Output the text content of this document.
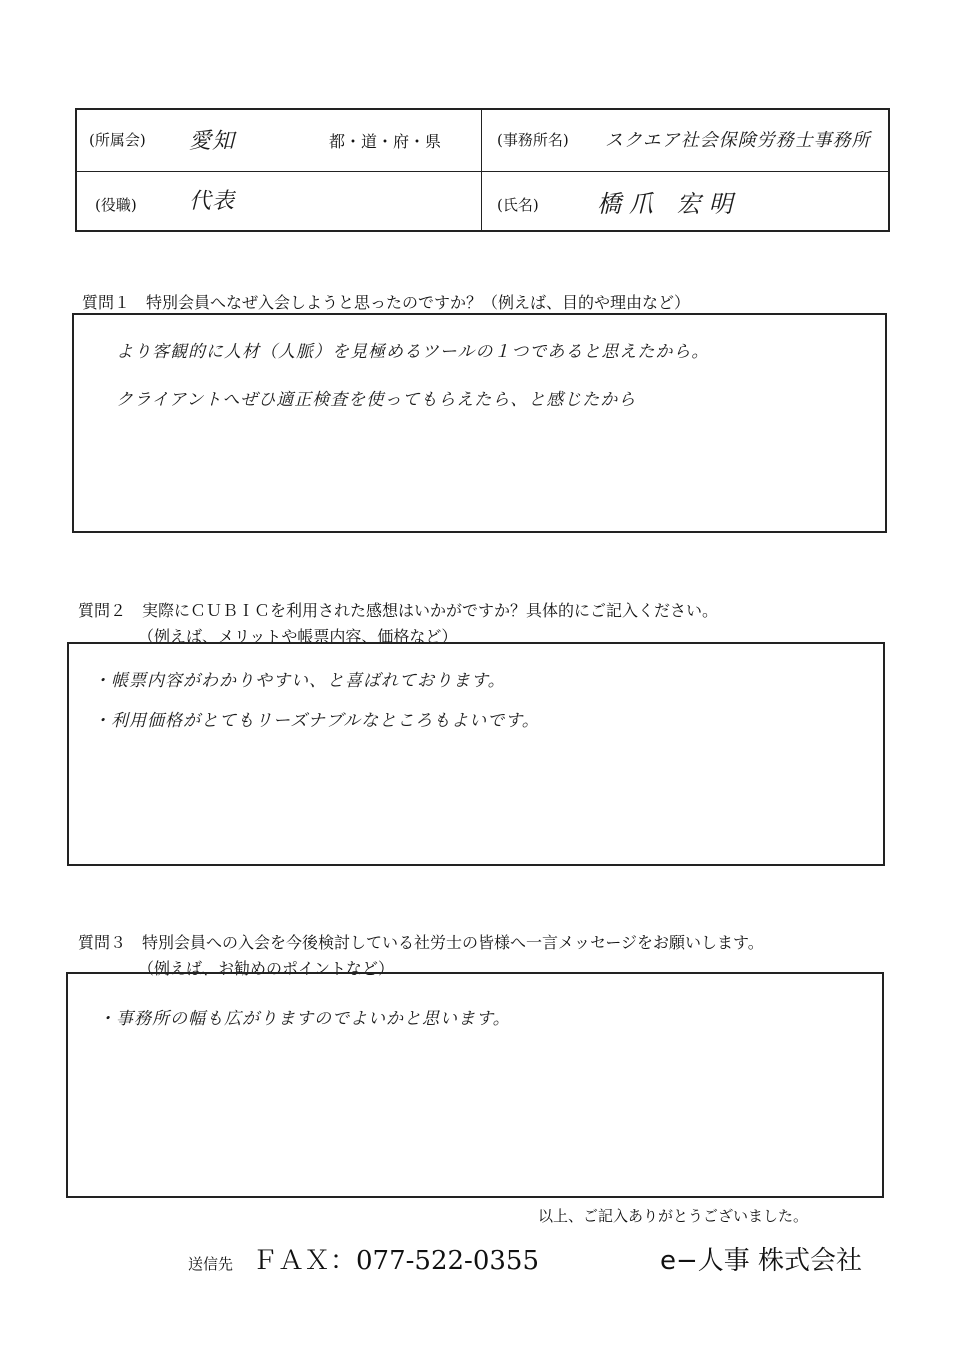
(所属会) 愛知	都・道・府・県	(事務所名) スクエア社会保険労務士事務所
(役職) 代表	(氏名) 橋爪 宏明
質問１　特別会員へなぜ入会しようと思ったのですか？（例えば、目的や理由など）
より客観的に人材（人脈）を見極めるツールの１つであると思えたから。
クライアントへぜひ適正検査を使ってもらえたら、と感じたから
質問２　実際にＣＵＢＩＣを利用された感想はいかがですか？具体的にご記入ください。
（例えば、メリットや帳票内容、価格など）
・帳票内容がわかりやすい、と喜ばれております。
・利用価格がとてもリーズナブルなところもよいです。
質問３　特別会員への入会を今後検討している社労士の皆様へ一言メッセージをお願いします。
（例えば、お勧めのポイントなど）
・事務所の幅も広がりますのでよいかと思います。
以上、ご記入ありがとうございました。
送信先 ＦＡＸ：077-522-0355	e−人事 株式会社
